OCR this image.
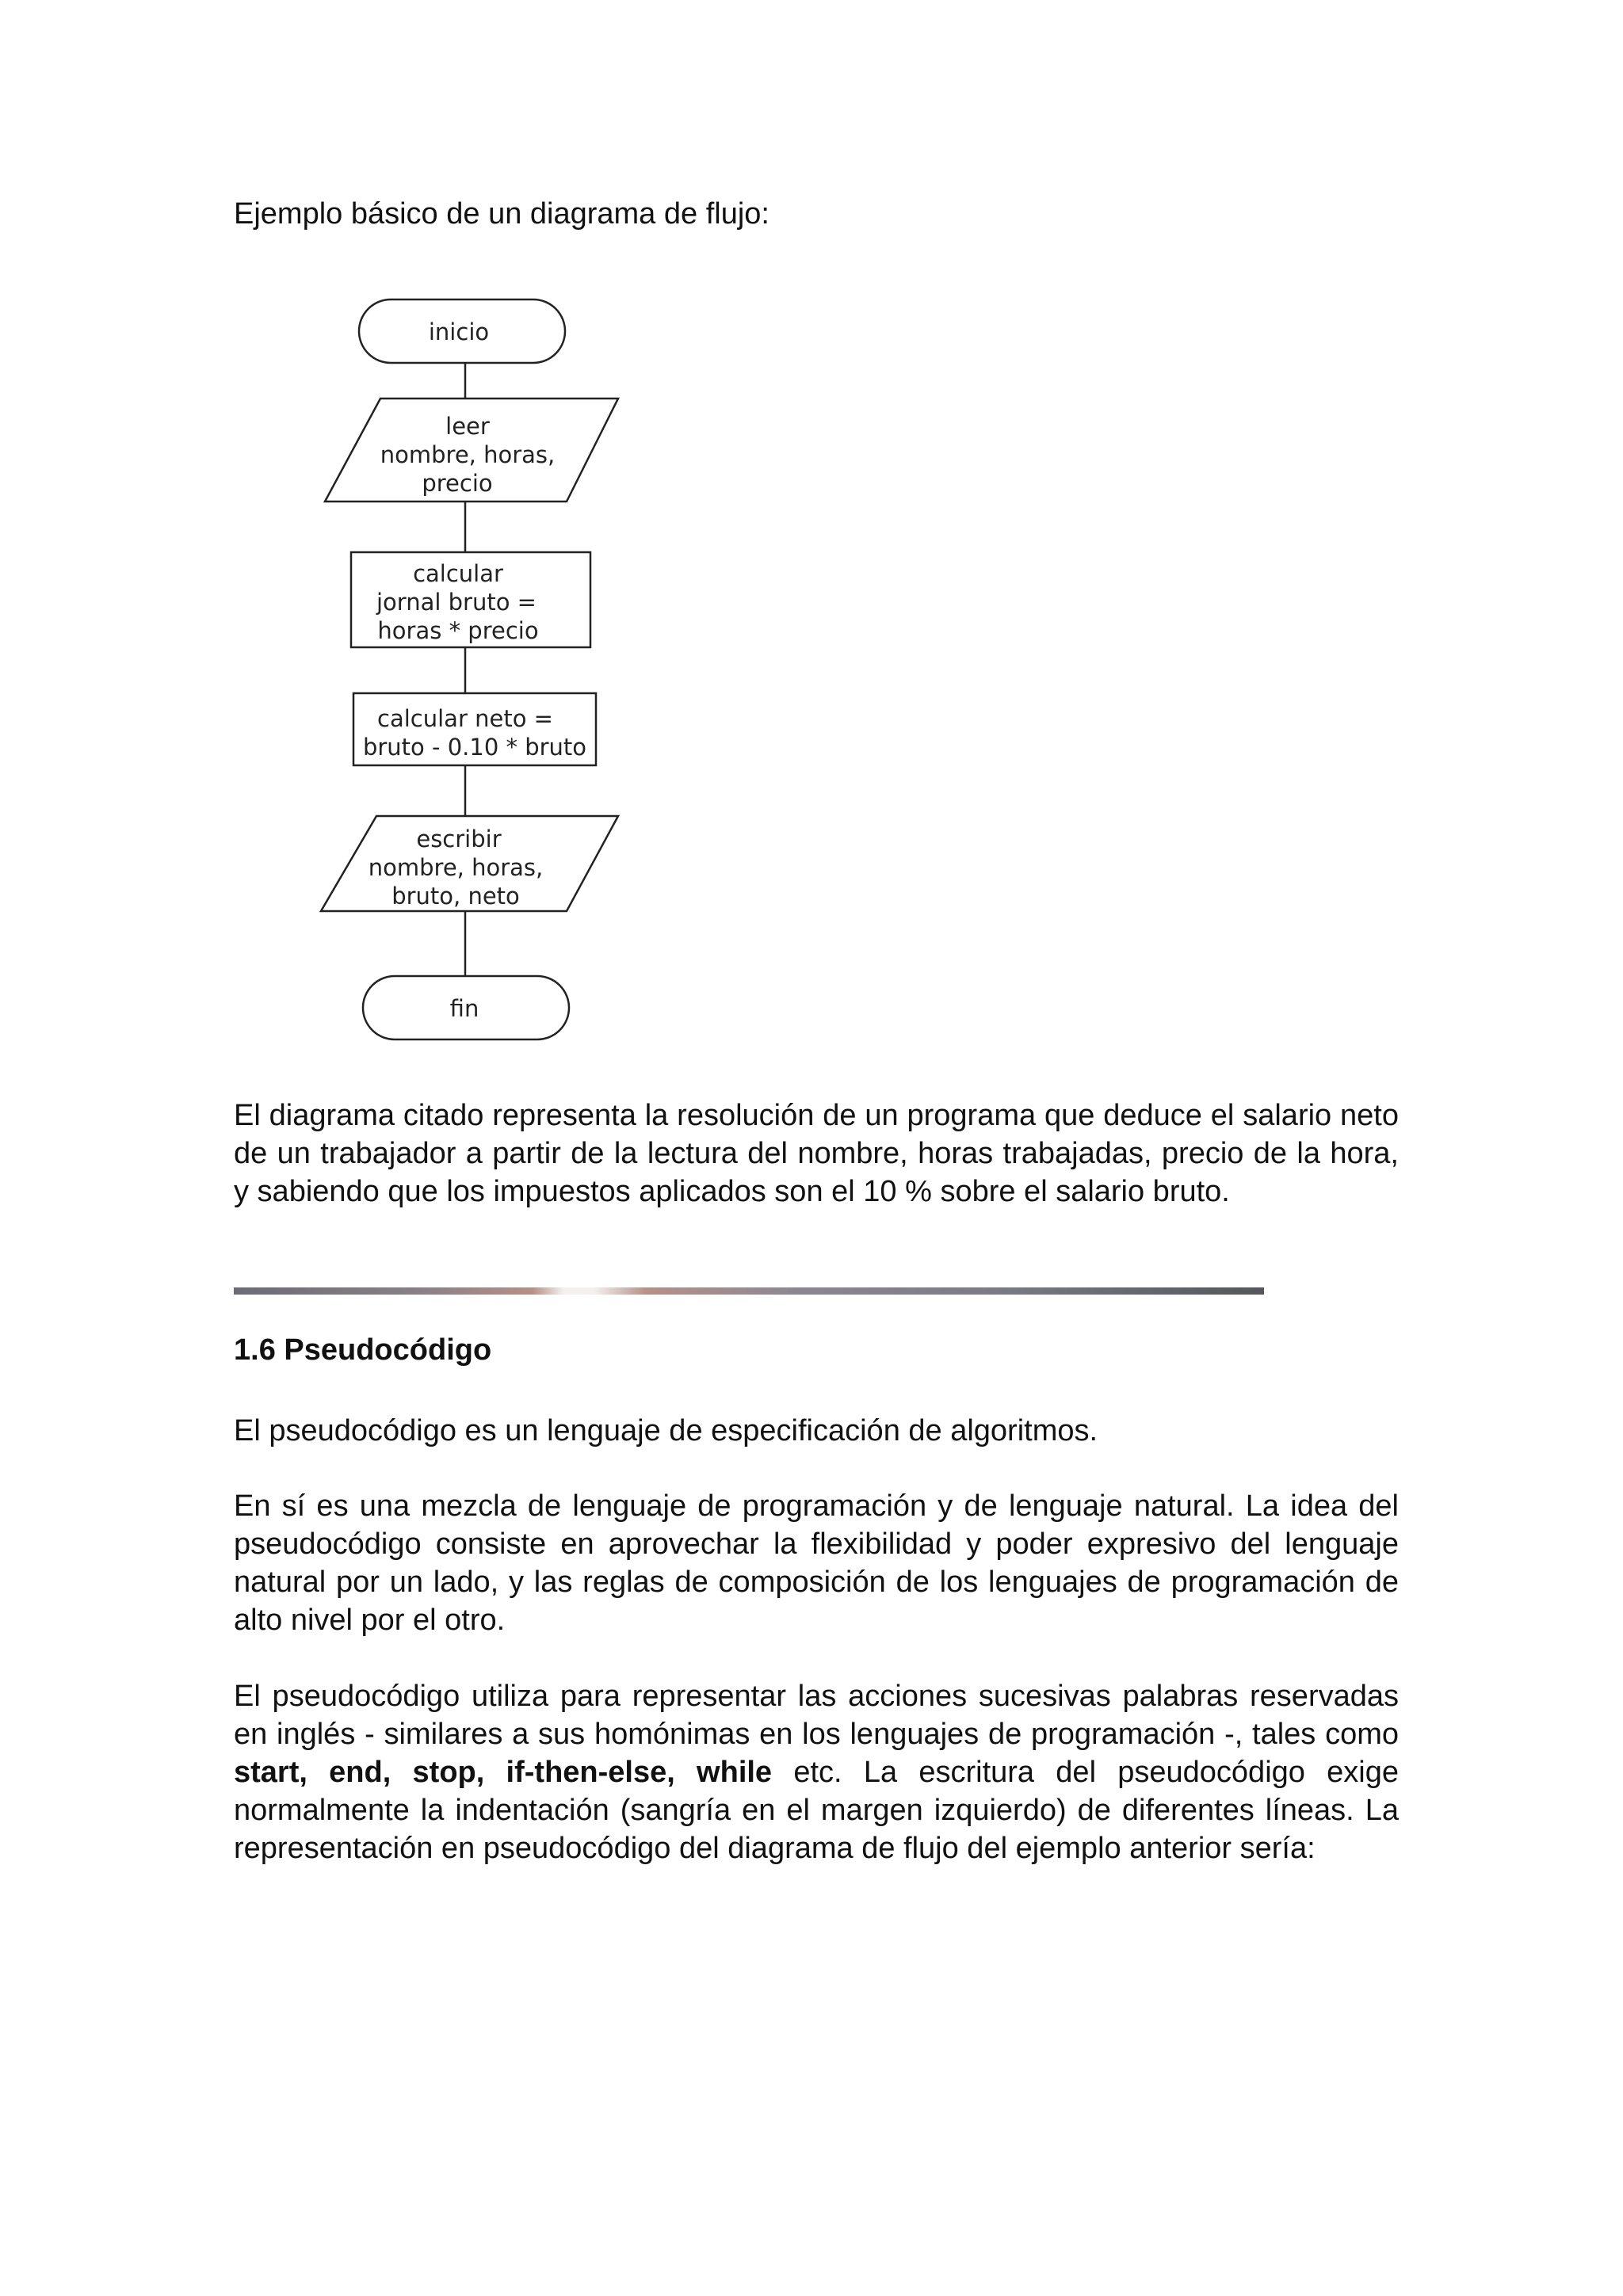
Ejemplo básico de un diagrama de flujo:

inicio
leer
nombre, horas,
precio
calcular
jornal bruto =
horas * precio
calcular neto =
bruto - 0.10 * bruto
escribir
nombre, horas,
bruto, neto
fin

El diagrama citado representa la resolución de un programa que deduce el salario neto de un trabajador a partir de la lectura del nombre, horas trabajadas, precio de la hora, y sabiendo que los impuestos aplicados son el 10 % sobre el salario bruto.

1.6 Pseudocódigo

El pseudocódigo es un lenguaje de especificación de algoritmos.

En sí es una mezcla de lenguaje de programación y de lenguaje natural. La idea del pseudocódigo consiste en aprovechar la flexibilidad y poder expresivo del lenguaje natural por un lado, y las reglas de composición de los lenguajes de programación de alto nivel por el otro.

El pseudocódigo utiliza para representar las acciones sucesivas palabras reservadas en inglés - similares a sus homónimas en los lenguajes de programación -, tales como start, end, stop, if-then-else, while etc. La escritura del pseudocódigo exige normalmente la indentación (sangría en el margen izquierdo) de diferentes líneas. La representación en pseudocódigo del diagrama de flujo del ejemplo anterior sería:
